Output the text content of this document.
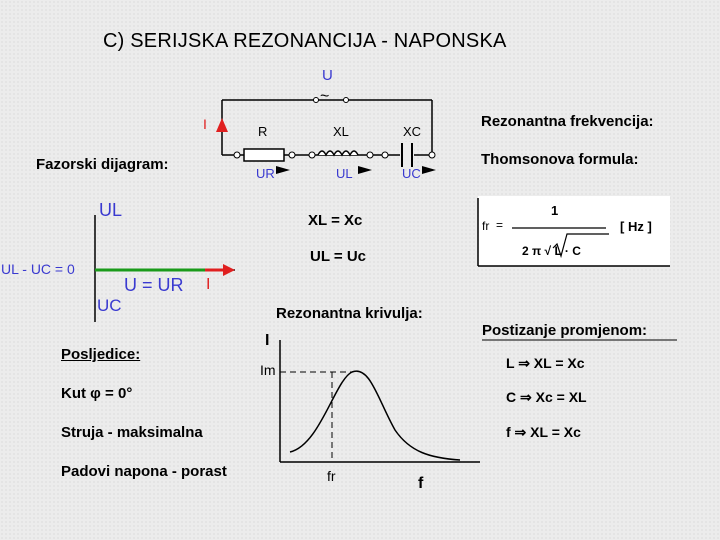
C) SERIJSKA REZONANCIJA - NAPONSKA
U
~
I	R	XL	XC
UR	UL	UC
Rezonantna frekvencija:
Thomsonova formula:
Fazorski dijagram:
UL
UL - UC = 0
U = UR I
UC
XL = Xc
UL = Uc
fr =
1
[ Hz ]
2 π √ L · C
Rezonantna krivulja:
Postizanje promjenom:
Posljedice:
Kut φ = 0°
Struja - maksimalna
Padovi napona - porast
I
Im
fr	f
L ⇒ XL = Xc
C ⇒ Xc = XL
f ⇒ XL = Xc
